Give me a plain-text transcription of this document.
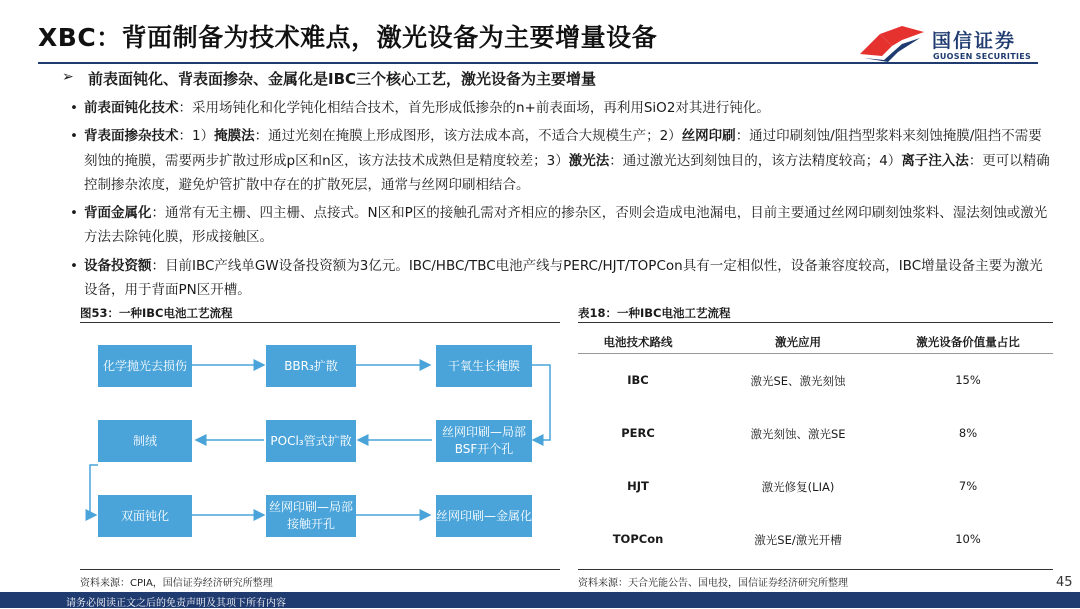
XBC：背面制备为技术难点，激光设备为主要增量设备	国信证券
GUOSEN SECURITIES
➢ 前表面钝化、背表面掺杂、金属化是IBC三个核心工艺，激光设备为主要增量
• 前表面钝化技术：采用场钝化和化学钝化相结合技术，首先形成低掺杂的n+前表面场，再利用SiO2对其进行钝化。
• 背表面掺杂技术：1）掩膜法：通过光刻在掩膜上形成图形，该方法成本高，不适合大规模生产；2）丝网印刷：通过印刷刻蚀/阻挡型浆料来刻蚀掩膜/阻挡不需要刻蚀的掩膜，需要两步扩散过形成p区和n区，该方法技术成熟但是精度较差；3）激光法：通过激光达到刻蚀目的，该方法精度较高；4）离子注入法：更可以精确控制掺杂浓度，避免炉管扩散中存在的扩散死层，通常与丝网印刷相结合。
• 背面金属化：通常有无主栅、四主栅、点接式。N区和P区的接触孔需对齐相应的掺杂区，否则会造成电池漏电，目前主要通过丝网印刷刻蚀浆料、湿法刻蚀或激光方法去除钝化膜，形成接触区。
• 设备投资额：目前IBC产线单GW设备投资额为3亿元。IBC/HBC/TBC电池产线与PERC/HJT/TOPCon具有一定相似性，设备兼容度较高，IBC增量设备主要为激光设备，用于背面PN区开槽。
图53：一种IBC电池工艺流程
化学抛光去损伤	BBR₃扩散	干氧生长掩膜
丝网印刷—局部BSF开个孔
POCl₃管式扩散
制绒
双面钝化
丝网印刷—局部接触开孔
丝网印刷—金属化
资料来源：CPIA，国信证券经济研究所整理
表18：一种IBC电池工艺流程
电池技术路线	激光应用	激光设备价值量占比
IBC	激光SE、激光刻蚀	15%
PERC	激光刻蚀、激光SE	8%
HJT	激光修复(LIA)	7%
TOPCon	激光SE/激光开槽	10%
资料来源：天合光能公告、国电投，国信证券经济研究所整理	45
请务必阅读正文之后的免责声明及其项下所有内容
